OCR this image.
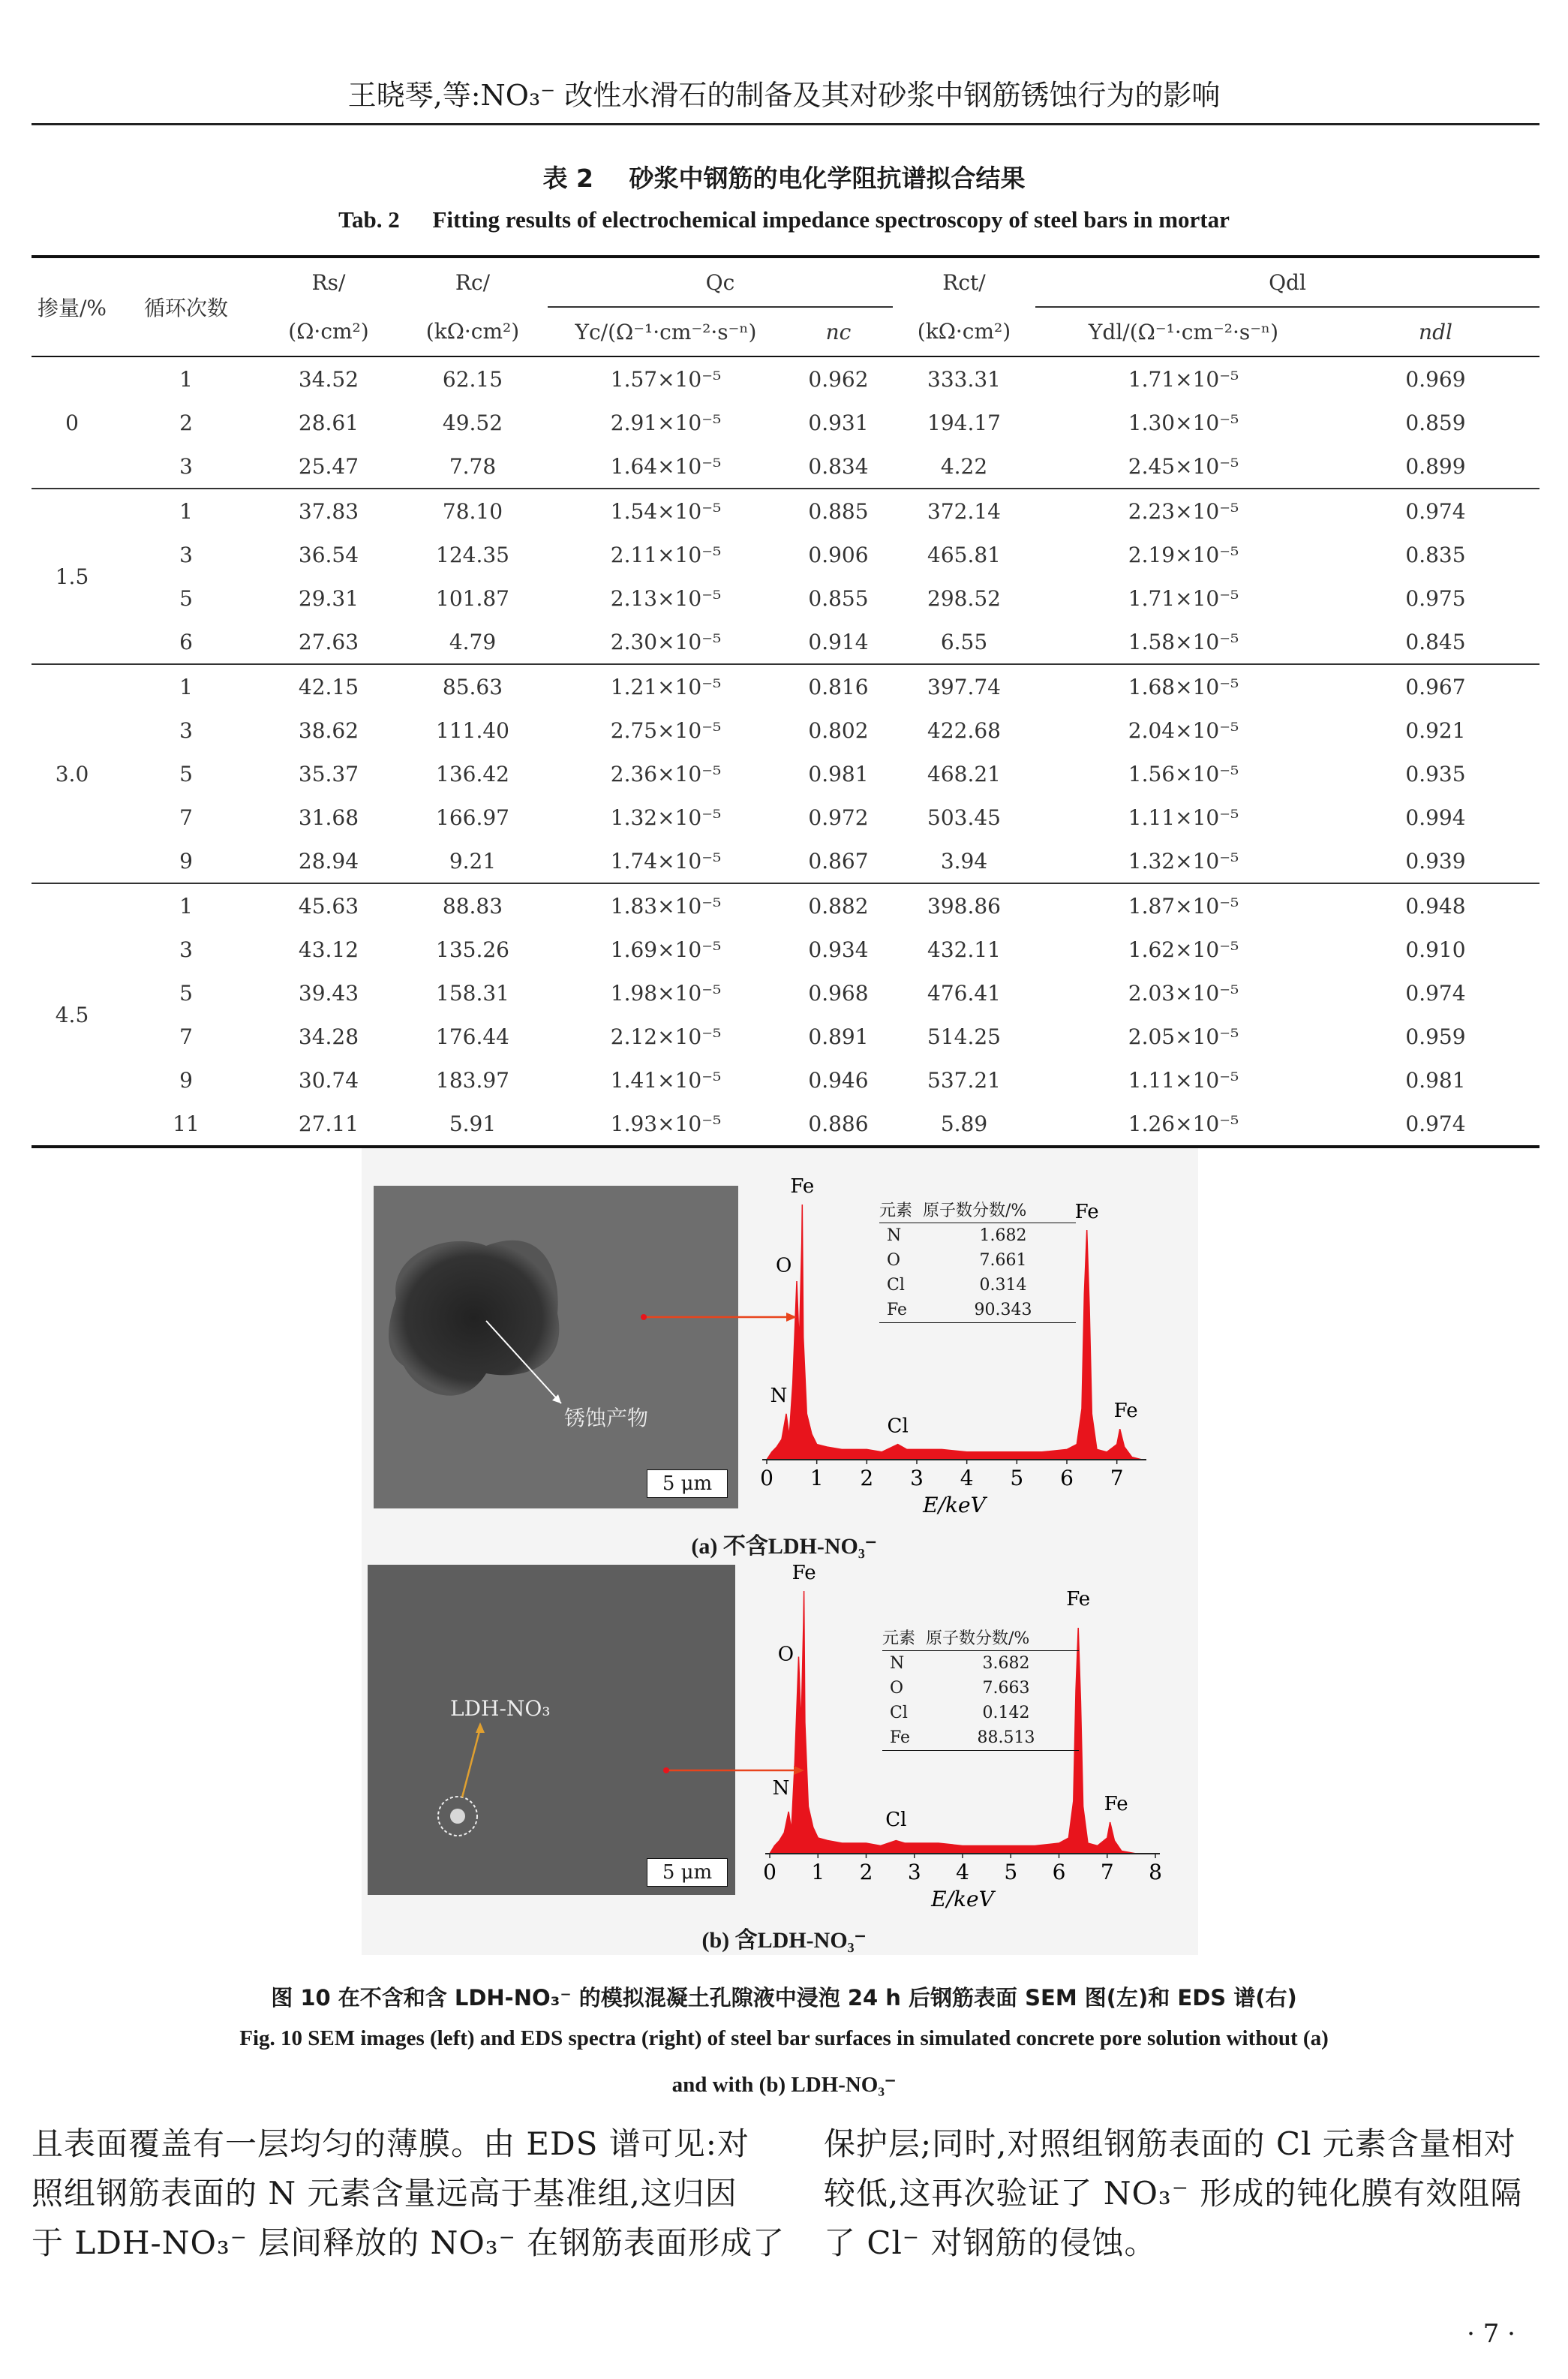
王晓琴,等:NO₃⁻ 改性水滑石的制备及其对砂浆中钢筋锈蚀行为的影响
表 2 砂浆中钢筋的电化学阻抗谱拟合结果
Tab. 2 Fitting results of electrochemical impedance spectroscopy of steel bars in mortar
掺量/%	循环次数	Rs/	Rc/	Qc		Rct/	Qdl	
		(Ω·cm²)	(kΩ·cm²)	Yc/(Ω⁻¹·cm⁻²·s⁻ⁿ)	nc	(kΩ·cm²)	Ydl/(Ω⁻¹·cm⁻²·s⁻ⁿ)	ndl
0	1	34.52	62.15	1.57×10⁻⁵	0.962	333.31	1.71×10⁻⁵	0.969
	2	28.61	49.52	2.91×10⁻⁵	0.931	194.17	1.30×10⁻⁵	0.859
	3	25.47	7.78	1.64×10⁻⁵	0.834	4.22	2.45×10⁻⁵	0.899
1.5	1	37.83	78.10	1.54×10⁻⁵	0.885	372.14	2.23×10⁻⁵	0.974
	3	36.54	124.35	2.11×10⁻⁵	0.906	465.81	2.19×10⁻⁵	0.835
	5	29.31	101.87	2.13×10⁻⁵	0.855	298.52	1.71×10⁻⁵	0.975
	6	27.63	4.79	2.30×10⁻⁵	0.914	6.55	1.58×10⁻⁵	0.845
3.0	1	42.15	85.63	1.21×10⁻⁵	0.816	397.74	1.68×10⁻⁵	0.967
	3	38.62	111.40	2.75×10⁻⁵	0.802	422.68	2.04×10⁻⁵	0.921
	5	35.37	136.42	2.36×10⁻⁵	0.981	468.21	1.56×10⁻⁵	0.935
	7	31.68	166.97	1.32×10⁻⁵	0.972	503.45	1.11×10⁻⁵	0.994
	9	28.94	9.21	1.74×10⁻⁵	0.867	3.94	1.32×10⁻⁵	0.939
4.5	1	45.63	88.83	1.83×10⁻⁵	0.882	398.86	1.87×10⁻⁵	0.948
	3	43.12	135.26	1.69×10⁻⁵	0.934	432.11	1.62×10⁻⁵	0.910
	5	39.43	158.31	1.98×10⁻⁵	0.968	476.41	2.03×10⁻⁵	0.974
	7	34.28	176.44	2.12×10⁻⁵	0.891	514.25	2.05×10⁻⁵	0.959
	9	30.74	183.97	1.41×10⁻⁵	0.946	537.21	1.11×10⁻⁵	0.981
	11	27.11	5.91	1.93×10⁻⁵	0.886	5.89	1.26×10⁻⁵	0.974
锈蚀产物
5 μm	0 1 2 3 4 5 6 7
E/keV
Fe
O
N
Cl
Fe
Fe
元素  原子数分数/%
N	1.682
O	7.661
Cl	0.314
Fe	90.343
(a) 不含LDH-NO₃⁻
LDH-NO₃
5 μm	0 1 2 3 4 5 6 7 8
E/keV
Fe
O
N
Cl
Fe
Fe
元素  原子数分数/%
N	3.682
O	7.663
Cl	0.142
Fe	88.513
(b) 含LDH-NO₃⁻
图 10 在不含和含 LDH-NO₃⁻ 的模拟混凝土孔隙液中浸泡 24 h 后钢筋表面 SEM 图(左)和 EDS 谱(右)
Fig. 10 SEM images (left) and EDS spectra (right) of steel bar surfaces in simulated concrete pore solution without (a)
and with (b) LDH-NO₃⁻
且表面覆盖有一层均匀的薄膜。由 EDS 谱可见:对
照组钢筋表面的 N 元素含量远高于基准组,这归因
于 LDH-NO₃⁻ 层间释放的 NO₃⁻ 在钢筋表面形成了
保护层;同时,对照组钢筋表面的 Cl 元素含量相对
较低,这再次验证了 NO₃⁻ 形成的钝化膜有效阻隔
了 Cl⁻ 对钢筋的侵蚀。
· 7 ·
